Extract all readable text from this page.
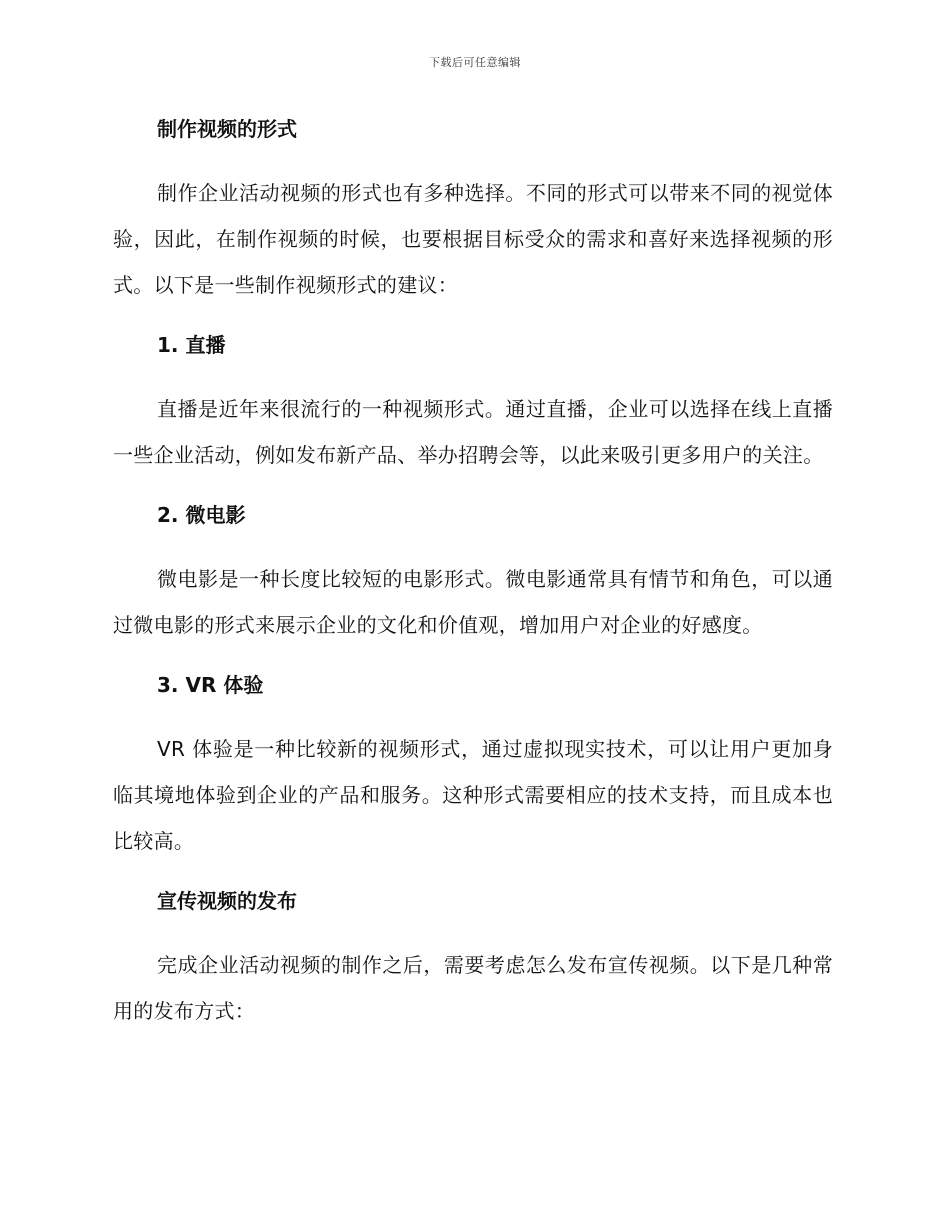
下载后可任意编辑
制作视频的形式

制作企业活动视频的形式也有多种选择。不同的形式可以带来不同的视觉体验，因此，在制作视频的时候，也要根据目标受众的需求和喜好来选择视频的形式。以下是一些制作视频形式的建议：

1. 直播

直播是近年来很流行的一种视频形式。通过直播，企业可以选择在线上直播一些企业活动，例如发布新产品、举办招聘会等，以此来吸引更多用户的关注。

2. 微电影

微电影是一种长度比较短的电影形式。微电影通常具有情节和角色，可以通过微电影的形式来展示企业的文化和价值观，增加用户对企业的好感度。

3. VR 体验

VR 体验是一种比较新的视频形式，通过虚拟现实技术，可以让用户更加身临其境地体验到企业的产品和服务。这种形式需要相应的技术支持，而且成本也比较高。

宣传视频的发布

完成企业活动视频的制作之后，需要考虑怎么发布宣传视频。以下是几种常用的发布方式：
